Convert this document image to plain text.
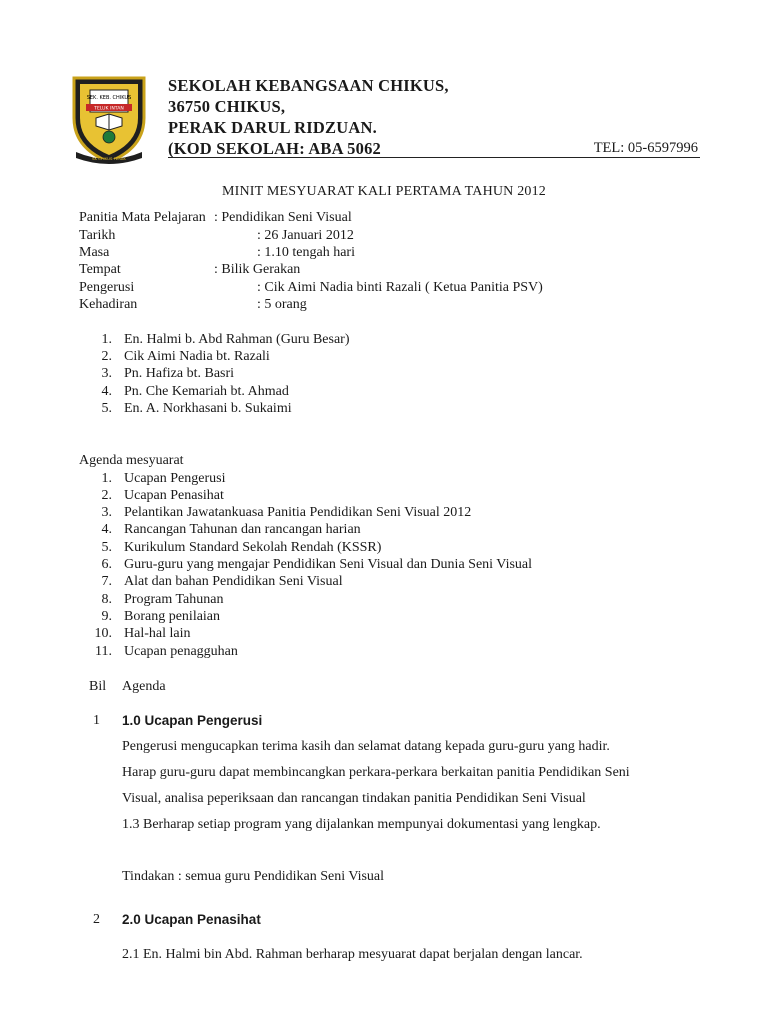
SEK. KEB. CHIKUS
TELUK INTAN
SK CHIKUS PERAK
SEKOLAH KEBANGSAAN CHIKUS,
36750 CHIKUS,
PERAK DARUL RIDZUAN.
(KOD SEKOLAH: ABA 5062	TEL: 05-6597996
MINIT MESYUARAT KALI PERTAMA TAHUN 2012
Panitia Mata Pelajaran : Pendidikan Seni Visual
Tarikh	: 26 Januari 2012
Masa	: 1.10 tengah hari
Tempat	: Bilik Gerakan
Pengerusi	: Cik Aimi Nadia binti Razali ( Ketua Panitia PSV)
Kehadiran	: 5 orang
1. En. Halmi b. Abd Rahman (Guru Besar)
2. Cik Aimi Nadia bt. Razali
3. Pn. Hafiza bt. Basri
4. Pn. Che Kemariah bt. Ahmad
5. En. A. Norkhasani b. Sukaimi
Agenda mesyuarat
1. Ucapan Pengerusi
2. Ucapan Penasihat
3. Pelantikan Jawatankuasa Panitia Pendidikan Seni Visual 2012
4. Rancangan Tahunan dan rancangan harian
5. Kurikulum Standard Sekolah Rendah (KSSR)
6. Guru-guru yang mengajar Pendidikan Seni Visual dan Dunia Seni Visual
7. Alat dan bahan Pendidikan Seni Visual
8. Program Tahunan
9. Borang penilaian
10. Hal-hal lain
11. Ucapan penagguhan
Bil Agenda
1 1.0 Ucapan Pengerusi
Pengerusi mengucapkan terima kasih dan selamat datang kepada guru-guru yang hadir.
Harap guru-guru dapat membincangkan perkara-perkara berkaitan panitia Pendidikan Seni
Visual, analisa peperiksaan dan rancangan tindakan panitia Pendidikan Seni Visual
1.3 Berharap setiap program yang dijalankan mempunyai dokumentasi yang lengkap.
Tindakan : semua guru Pendidikan Seni Visual
2 2.0 Ucapan Penasihat
2.1 En. Halmi bin Abd. Rahman berharap mesyuarat dapat berjalan dengan lancar.
